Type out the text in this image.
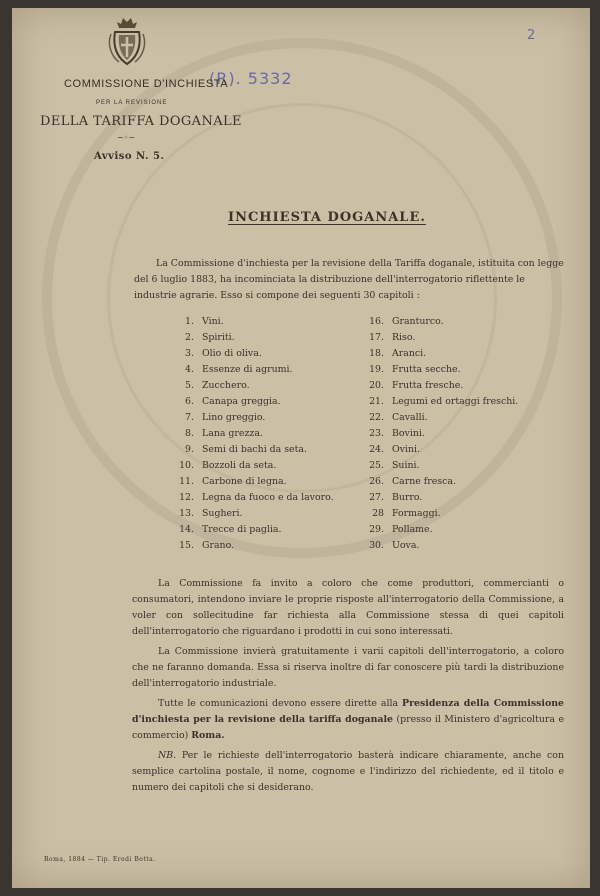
2
(R). 5332
COMMISSIONE D'INCHIESTA
PER LA REVISIONE
DELLA TARIFFA DOGANALE
~◦~
Avviso N. 5.
INCHIESTA DOGANALE.
La Commissione d'inchiesta per la revisione della Tariffa doganale, istituita con legge del 6 luglio 1883, ha incominciata la distribuzione dell'interrogatorio riflettente le industrie agrarie. Esso si compone dei seguenti 30 capitoli :
1. Vini.
2. Spiriti.
3. Olio di oliva.
4. Essenze di agrumi.
5. Zucchero.
6. Canapa greggia.
7. Lino greggio.
8. Lana grezza.
9. Semi di bachi da seta.
10. Bozzoli da seta.
11. Carbone di legna.
12. Legna da fuoco e da lavoro.
13. Sugheri.
14. Trecce di paglia.
15. Grano.
16. Granturco.
17. Riso.
18. Aranci.
19. Frutta secche.
20. Frutta fresche.
21. Legumi ed ortaggi freschi.
22. Cavalli.
23. Bovini.
24. Ovini.
25. Suini.
26. Carne fresca.
27. Burro.
28 Formaggi.
29. Pollame.
30. Uova.

La Commissione fa invito a coloro che come produttori, commercianti o consumatori, intendono inviare le proprie risposte all'interrogatorio della Commissione, a voler con sollecitudine far richiesta alla Commissione stessa di quei capitoli dell'interrogatorio che riguardano i prodotti in cui sono interessati.

La Commissione invierà gratuitamente i varii capitoli dell'interrogatorio, a coloro che ne faranno domanda. Essa si riserva inoltre di far conoscere più tardi la distribuzione dell'interrogatorio industriale.

Tutte le comunicazioni devono essere dirette alla Presidenza della Commissione d'inchiesta per la revisione della tariffa doganale (presso il Ministero d'agricoltura e commercio) Roma.

NB. Per le richieste dell'interrogatorio basterà indicare chiaramente, anche con semplice cartolina postale, il nome, cognome e l'indirizzo del richiedente, ed il titolo e numero dei capitoli che si desiderano.

Roma, 1884 — Tip. Eredi Botta.
